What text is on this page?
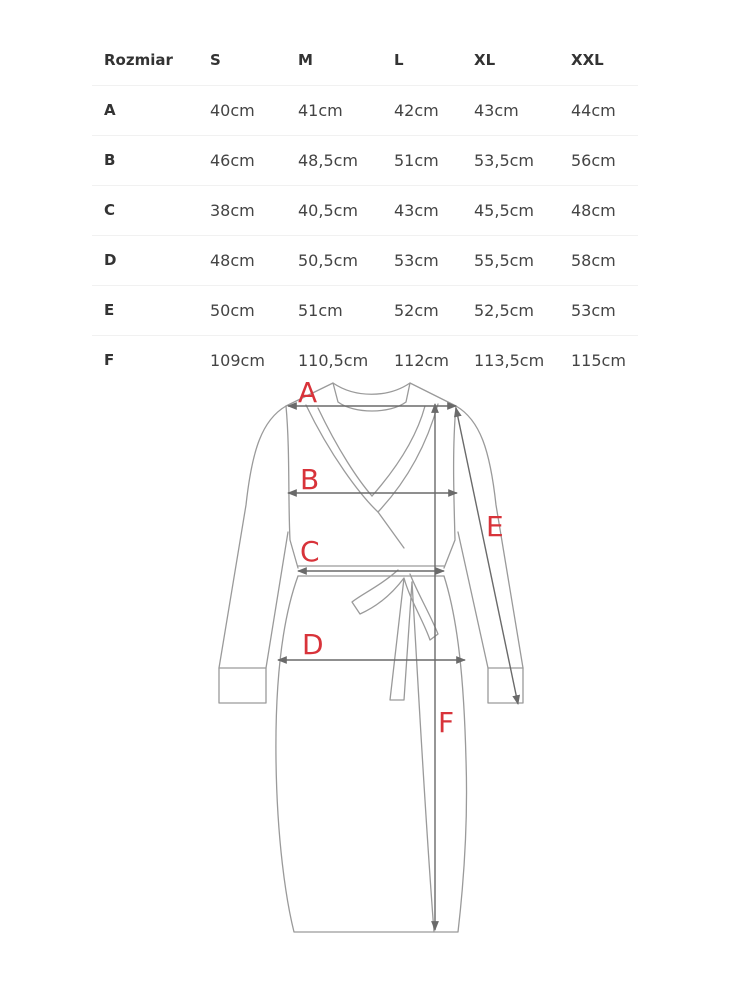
Rozmiar S	M	L	XL	XXL
A	40cm	41cm	42cm 43cm	44cm
B	46cm	48,5cm 51cm 53,5cm 56cm
C	38cm	40,5cm 43cm 45,5cm 48cm
D	48cm	50,5cm 53cm 55,5cm 58cm
E	50cm	51cm	52cm 52,5cm 53cm
F	109cm 110,5cm 112cm 113,5cm 115cm
A
B
C
D
E
F
